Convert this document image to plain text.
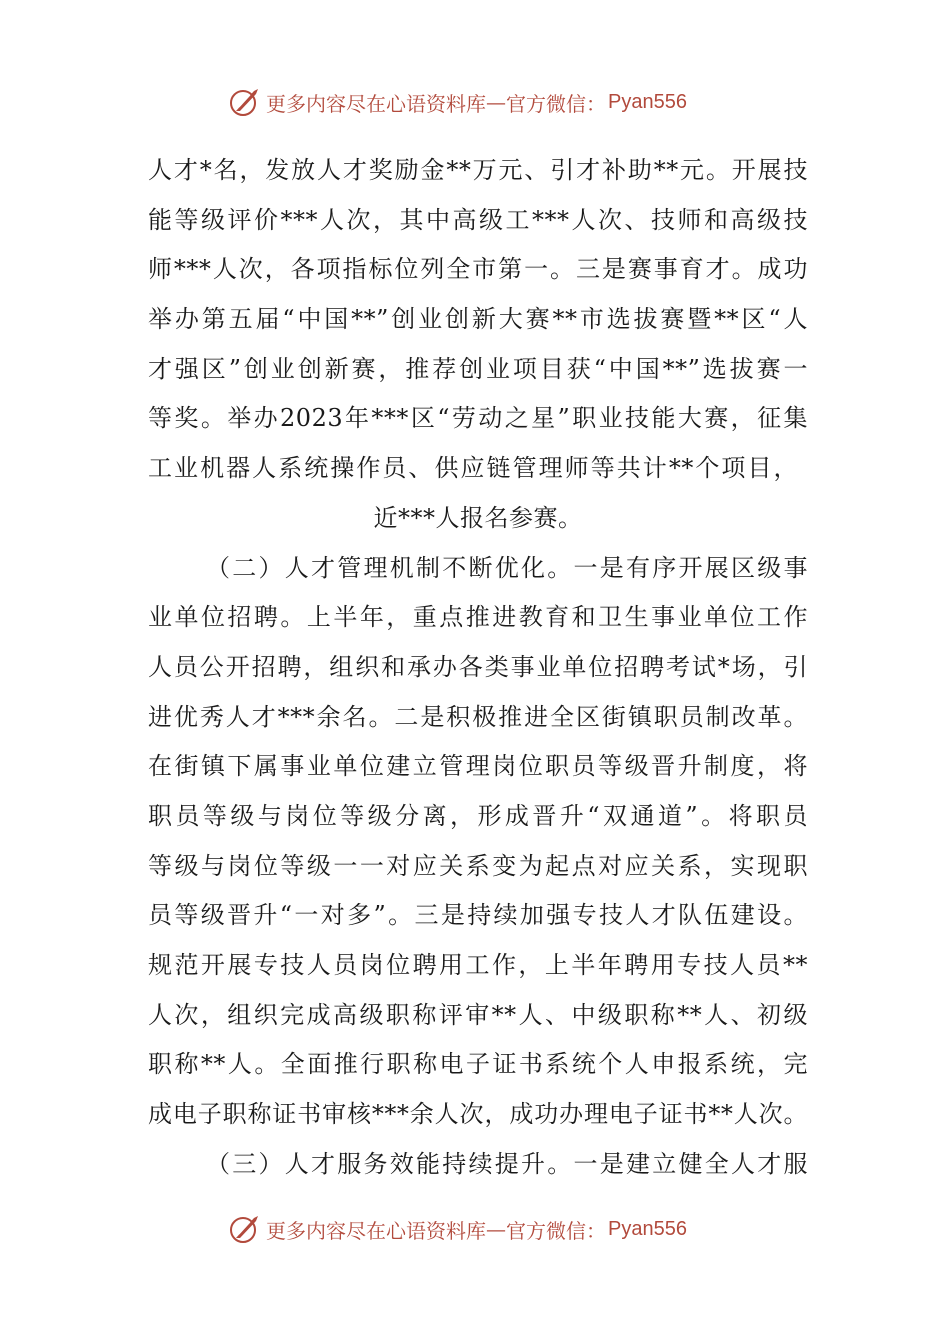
更多内容尽在心语资料库 — 官方微信： Pyan556
人才*名，发放人才奖励金**万元、引才补助**元。开展技
能等级评价***人次，其中高级工***人次、技师和高级技
师***人次，各项指标位列全市第一。三是赛事育才。成功
举办第五届“中国**”创业创新大赛**市选拔赛暨**区“人
才强区”创业创新赛，推荐创业项目获“中国**”选拔赛一
等奖。举办2023年***区“劳动之星”职业技能大赛，征集
工业机器人系统操作员、供应链管理师等共计**个项目，
近***人报名参赛。
（二）人才管理机制不断优化。一是有序开展区级事
业单位招聘。上半年，重点推进教育和卫生事业单位工作
人员公开招聘，组织和承办各类事业单位招聘考试*场，引
进优秀人才***余名。二是积极推进全区街镇职员制改革。
在街镇下属事业单位建立管理岗位职员等级晋升制度，将
职员等级与岗位等级分离，形成晋升“双通道”。将职员
等级与岗位等级一一对应关系变为起点对应关系，实现职
员等级晋升“一对多”。三是持续加强专技人才队伍建设。
规范开展专技人员岗位聘用工作，上半年聘用专技人员**
人次，组织完成高级职称评审**人、中级职称**人、初级
职称**人。全面推行职称电子证书系统个人申报系统，完
成电子职称证书审核***余人次，成功办理电子证书**人次。
（三）人才服务效能持续提升。一是建立健全人才服
更多内容尽在心语资料库 — 官方微信： Pyan556
